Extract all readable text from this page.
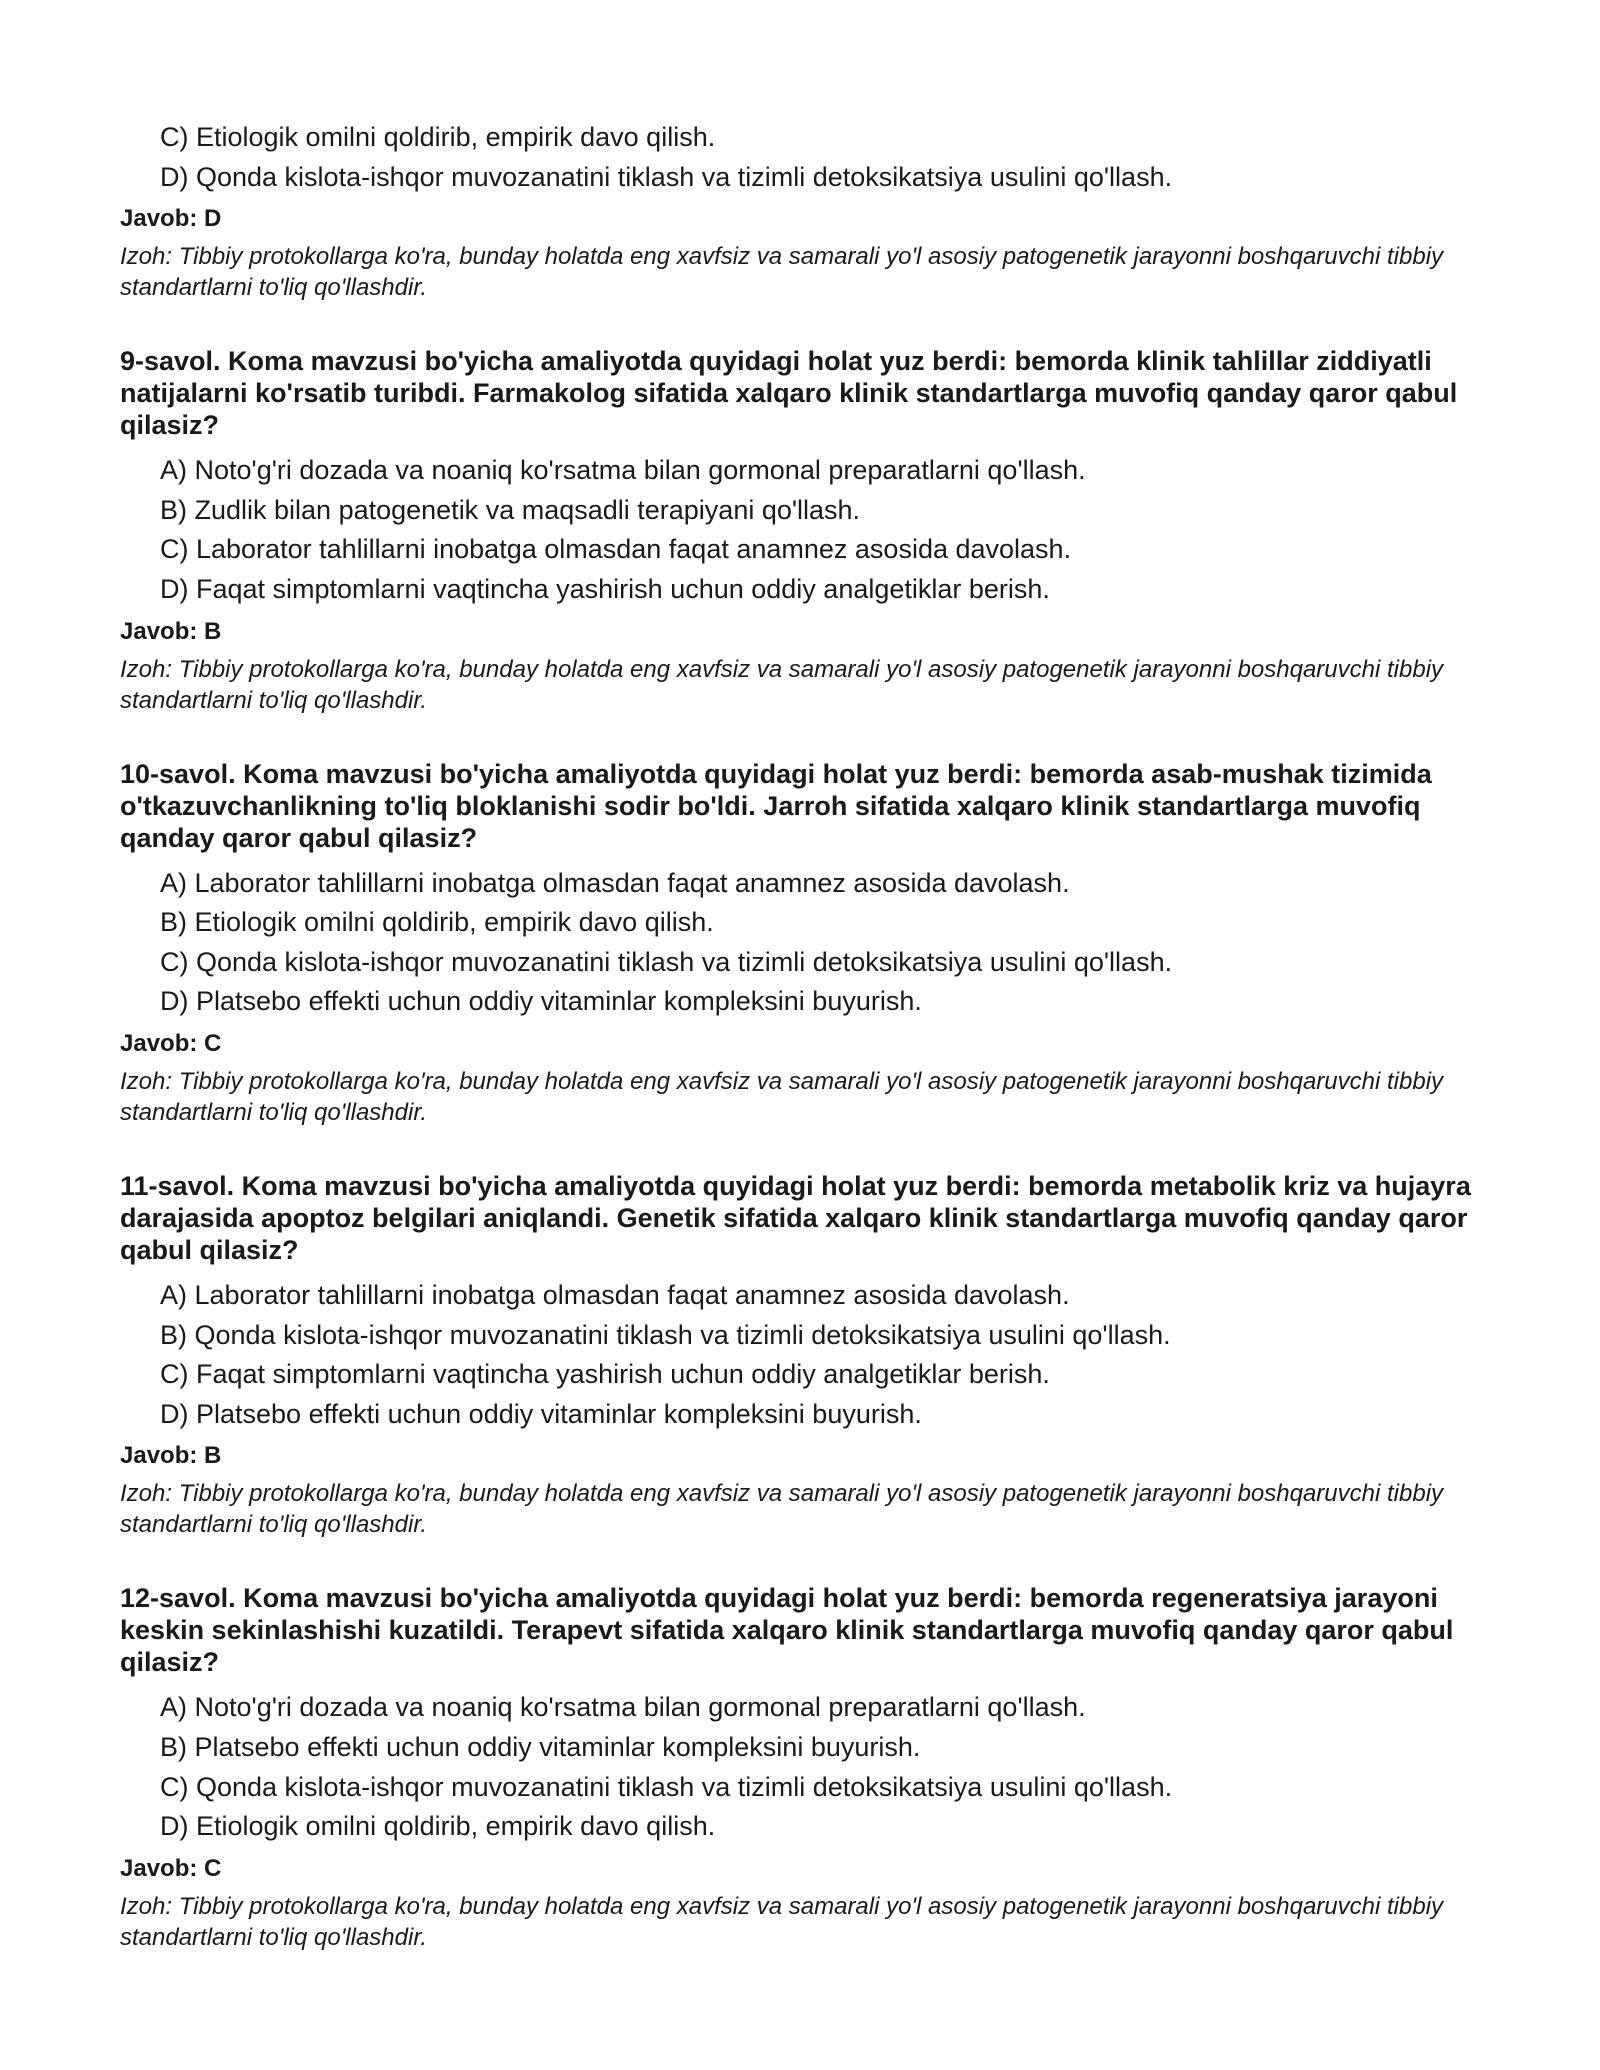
C) Etiologik omilni qoldirib, empirik davo qilish.
D) Qonda kislota-ishqor muvozanatini tiklash va tizimli detoksikatsiya usulini qo'llash.
Javob: D
Izoh: Tibbiy protokollarga ko'ra, bunday holatda eng xavfsiz va samarali yo'l asosiy patogenetik jarayonni boshqaruvchi tibbiy standartlarni to'liq qo'llashdir.
9-savol. Koma mavzusi bo'yicha amaliyotda quyidagi holat yuz berdi: bemorda klinik tahlillar ziddiyatli natijalarni ko'rsatib turibdi. Farmakolog sifatida xalqaro klinik standartlarga muvofiq qanday qaror qabul qilasiz?
A) Noto'g'ri dozada va noaniq ko'rsatma bilan gormonal preparatlarni qo'llash.
B) Zudlik bilan patogenetik va maqsadli terapiyani qo'llash.
C) Laborator tahlillarni inobatga olmasdan faqat anamnez asosida davolash.
D) Faqat simptomlarni vaqtincha yashirish uchun oddiy analgetiklar berish.
Javob: B
Izoh: Tibbiy protokollarga ko'ra, bunday holatda eng xavfsiz va samarali yo'l asosiy patogenetik jarayonni boshqaruvchi tibbiy standartlarni to'liq qo'llashdir.
10-savol. Koma mavzusi bo'yicha amaliyotda quyidagi holat yuz berdi: bemorda asab-mushak tizimida o'tkazuvchanlikning to'liq bloklanishi sodir bo'ldi. Jarroh sifatida xalqaro klinik standartlarga muvofiq qanday qaror qabul qilasiz?
A) Laborator tahlillarni inobatga olmasdan faqat anamnez asosida davolash.
B) Etiologik omilni qoldirib, empirik davo qilish.
C) Qonda kislota-ishqor muvozanatini tiklash va tizimli detoksikatsiya usulini qo'llash.
D) Platsebo effekti uchun oddiy vitaminlar kompleksini buyurish.
Javob: C
Izoh: Tibbiy protokollarga ko'ra, bunday holatda eng xavfsiz va samarali yo'l asosiy patogenetik jarayonni boshqaruvchi tibbiy standartlarni to'liq qo'llashdir.
11-savol. Koma mavzusi bo'yicha amaliyotda quyidagi holat yuz berdi: bemorda metabolik kriz va hujayra darajasida apoptoz belgilari aniqlandi. Genetik sifatida xalqaro klinik standartlarga muvofiq qanday qaror qabul qilasiz?
A) Laborator tahlillarni inobatga olmasdan faqat anamnez asosida davolash.
B) Qonda kislota-ishqor muvozanatini tiklash va tizimli detoksikatsiya usulini qo'llash.
C) Faqat simptomlarni vaqtincha yashirish uchun oddiy analgetiklar berish.
D) Platsebo effekti uchun oddiy vitaminlar kompleksini buyurish.
Javob: B
Izoh: Tibbiy protokollarga ko'ra, bunday holatda eng xavfsiz va samarali yo'l asosiy patogenetik jarayonni boshqaruvchi tibbiy standartlarni to'liq qo'llashdir.
12-savol. Koma mavzusi bo'yicha amaliyotda quyidagi holat yuz berdi: bemorda regeneratsiya jarayoni keskin sekinlashishi kuzatildi. Terapevt sifatida xalqaro klinik standartlarga muvofiq qanday qaror qabul qilasiz?
A) Noto'g'ri dozada va noaniq ko'rsatma bilan gormonal preparatlarni qo'llash.
B) Platsebo effekti uchun oddiy vitaminlar kompleksini buyurish.
C) Qonda kislota-ishqor muvozanatini tiklash va tizimli detoksikatsiya usulini qo'llash.
D) Etiologik omilni qoldirib, empirik davo qilish.
Javob: C
Izoh: Tibbiy protokollarga ko'ra, bunday holatda eng xavfsiz va samarali yo'l asosiy patogenetik jarayonni boshqaruvchi tibbiy standartlarni to'liq qo'llashdir.
